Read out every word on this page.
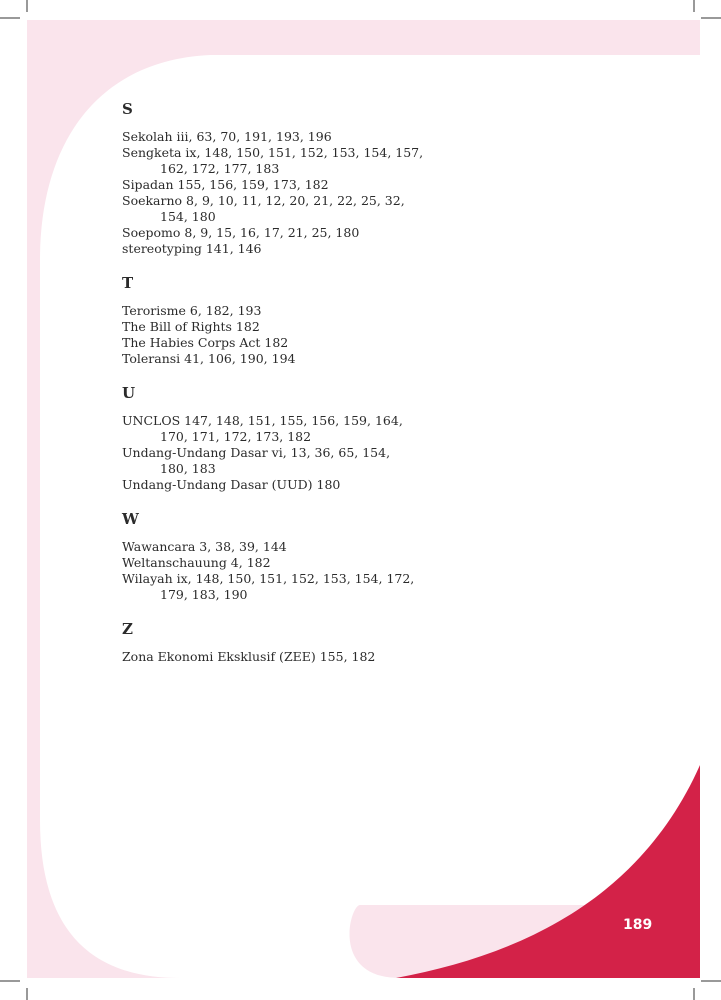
S
Sekolah iii, 63, 70, 191, 193, 196
Sengketa ix, 148, 150, 151, 152, 153, 154, 157,
162, 172, 177, 183
Sipadan 155, 156, 159, 173, 182
Soekarno 8, 9, 10, 11, 12, 20, 21, 22, 25, 32,
154, 180
Soepomo 8, 9, 15, 16, 17, 21, 25, 180
stereotyping 141, 146
T
Terorisme 6, 182, 193
The Bill of Rights 182
The Habies Corps Act 182
Toleransi 41, 106, 190, 194
U
UNCLOS 147, 148, 151, 155, 156, 159, 164,
170, 171, 172, 173, 182
Undang-Undang Dasar vi, 13, 36, 65, 154,
180, 183
Undang-Undang Dasar (UUD) 180
W
Wawancara 3, 38, 39, 144
Weltanschauung 4, 182
Wilayah ix, 148, 150, 151, 152, 153, 154, 172,
179, 183, 190
Z
Zona Ekonomi Eksklusif (ZEE) 155, 182
189
